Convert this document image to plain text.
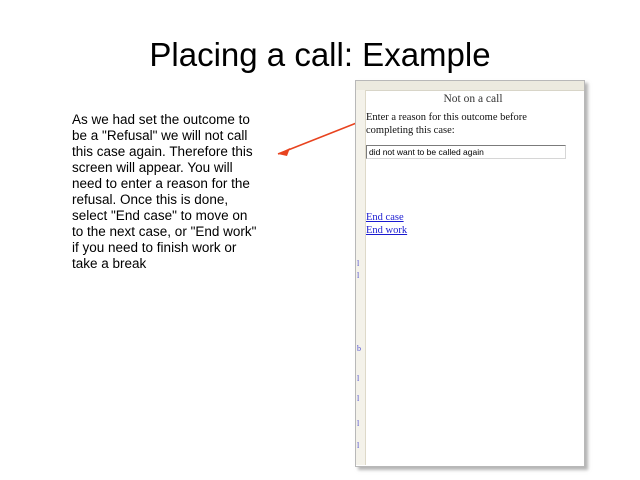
Placing a call: Example
As we had set the outcome to be a "Refusal" we will not call this case again. Therefore this screen will appear. You will need to enter a reason for the refusal. Once this is done, select "End case" to move on to the next case, or "End work" if you need to finish work or take a break	l
l
b
l
l
l
l
Not on a call
Enter a reason for this outcome before completing this case:
did not want to be called again
End case
End work
